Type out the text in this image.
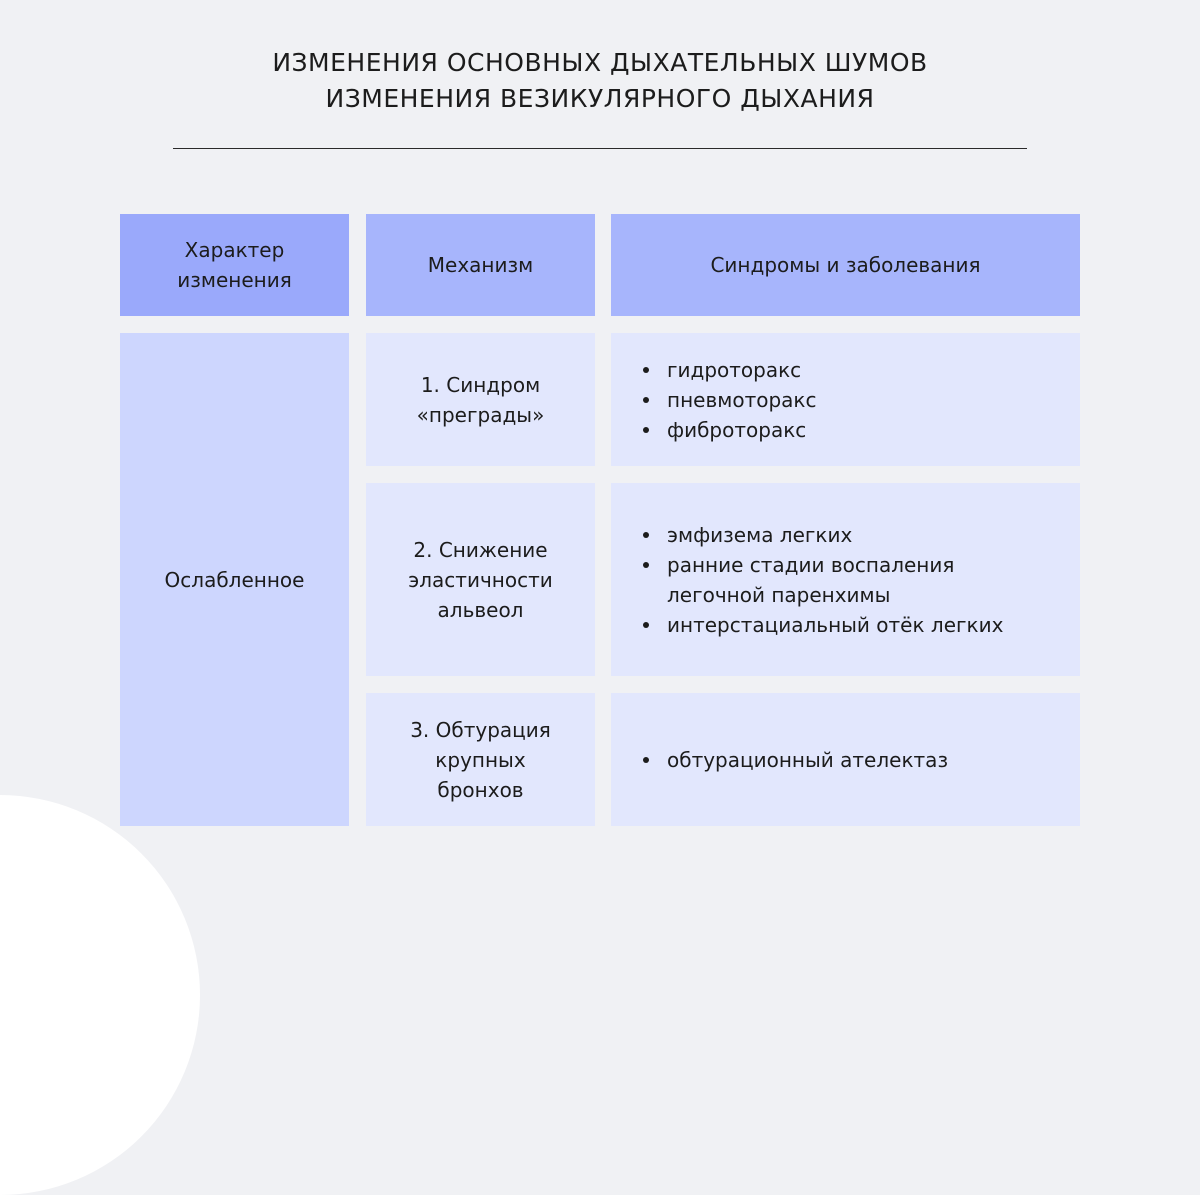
ИЗМЕНЕНИЯ ОСНОВНЫХ ДЫХАТЕЛЬНЫХ ШУМОВ
ИЗМЕНЕНИЯ ВЕЗИКУЛЯРНОГО ДЫХАНИЯ
Характер
изменения
Механизм	Синдромы и заболевания
Ослабленное
1. Синдром
«преграды»
гидроторакс
пневмоторакс
фиброторакс
2. Снижение
эластичности
альвеол
эмфизема легких
ранние стадии воспаления легочной паренхимы
интерстациальный отёк легких
3. Обтурация
крупных
бронхов
обтурационный ателектаз
